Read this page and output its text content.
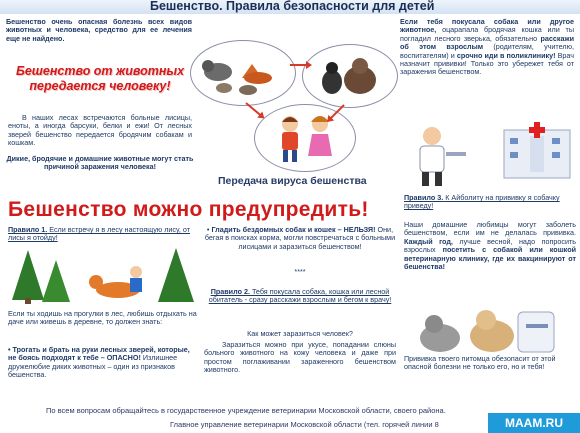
Бешенство. Правила безопасности для детей
Бешенство очень опасная болезнь всех видов животных и человека, средство для ее лечения еще не найдено.
Бешенство от животных передается человеку!
В наших лесах встречаются больные лисицы, еноты, а иногда барсуки, белки и ежи! От лесных зверей бешенство передается бродячим собакам и кошкам.
Дикие, бродячие и домашние животные могут стать причиной заражения человека!
Передача вируса бешенства
Если тебя покусала собака или другое животное, оцарапала бродячая кошка или ты погладил лесного зверька, обязательно расскажи об этом взрослым (родителям, учителю, воспитателям) и срочно иди в поликлинику! Врач назначит прививки! Только это убережет тебя от заражения бешенством.
Бешенство можно предупредить!
Правило 1. Если встречу я в лесу настоящую лису, от лисы я отойду!
Если ты ходишь на прогулки в лес, любишь отдыхать на даче или живешь в деревне, то должен знать:
• Трогать и брать на руки лесных зверей, которые, не боясь подходят к тебе – ОПАСНО! Излишнее дружелюбие диких животных – один из признаков бешенства.
• Гладить бездомных собак и кошек – НЕЛЬЗЯ! Они, бегая в поисках корма, могли повстречаться с больными лисицами и заразиться бешенством!
****
Правило 2. Тебя покусала собака, кошка или лесной обитатель - сразу расскажи взрослым и бегом к врачу!
Как может заразиться человек?
Заразиться можно при укусе, попадании слюны больного животного на кожу человека и даже при простом поглаживании зараженного бешенством животного.
Правило 3. К Айболиту на прививку я собачку приведу!
Наши домашние любимцы могут заболеть бешенством, если им не делалась прививка. Каждый год, лучше весной, надо попросить взрослых посетить с собакой или кошкой ветеринарную клинику, где их вакцинируют от бешенства!
Прививка твоего питомца обезопасит от этой опасной болезни не только его, но и тебя!
По всем вопросам обращайтесь в государственное учреждение ветеринарии Московской области, своего района.
Главное управление ветеринарии Московской области (тел. горячей линии 8	MAAM.RU
